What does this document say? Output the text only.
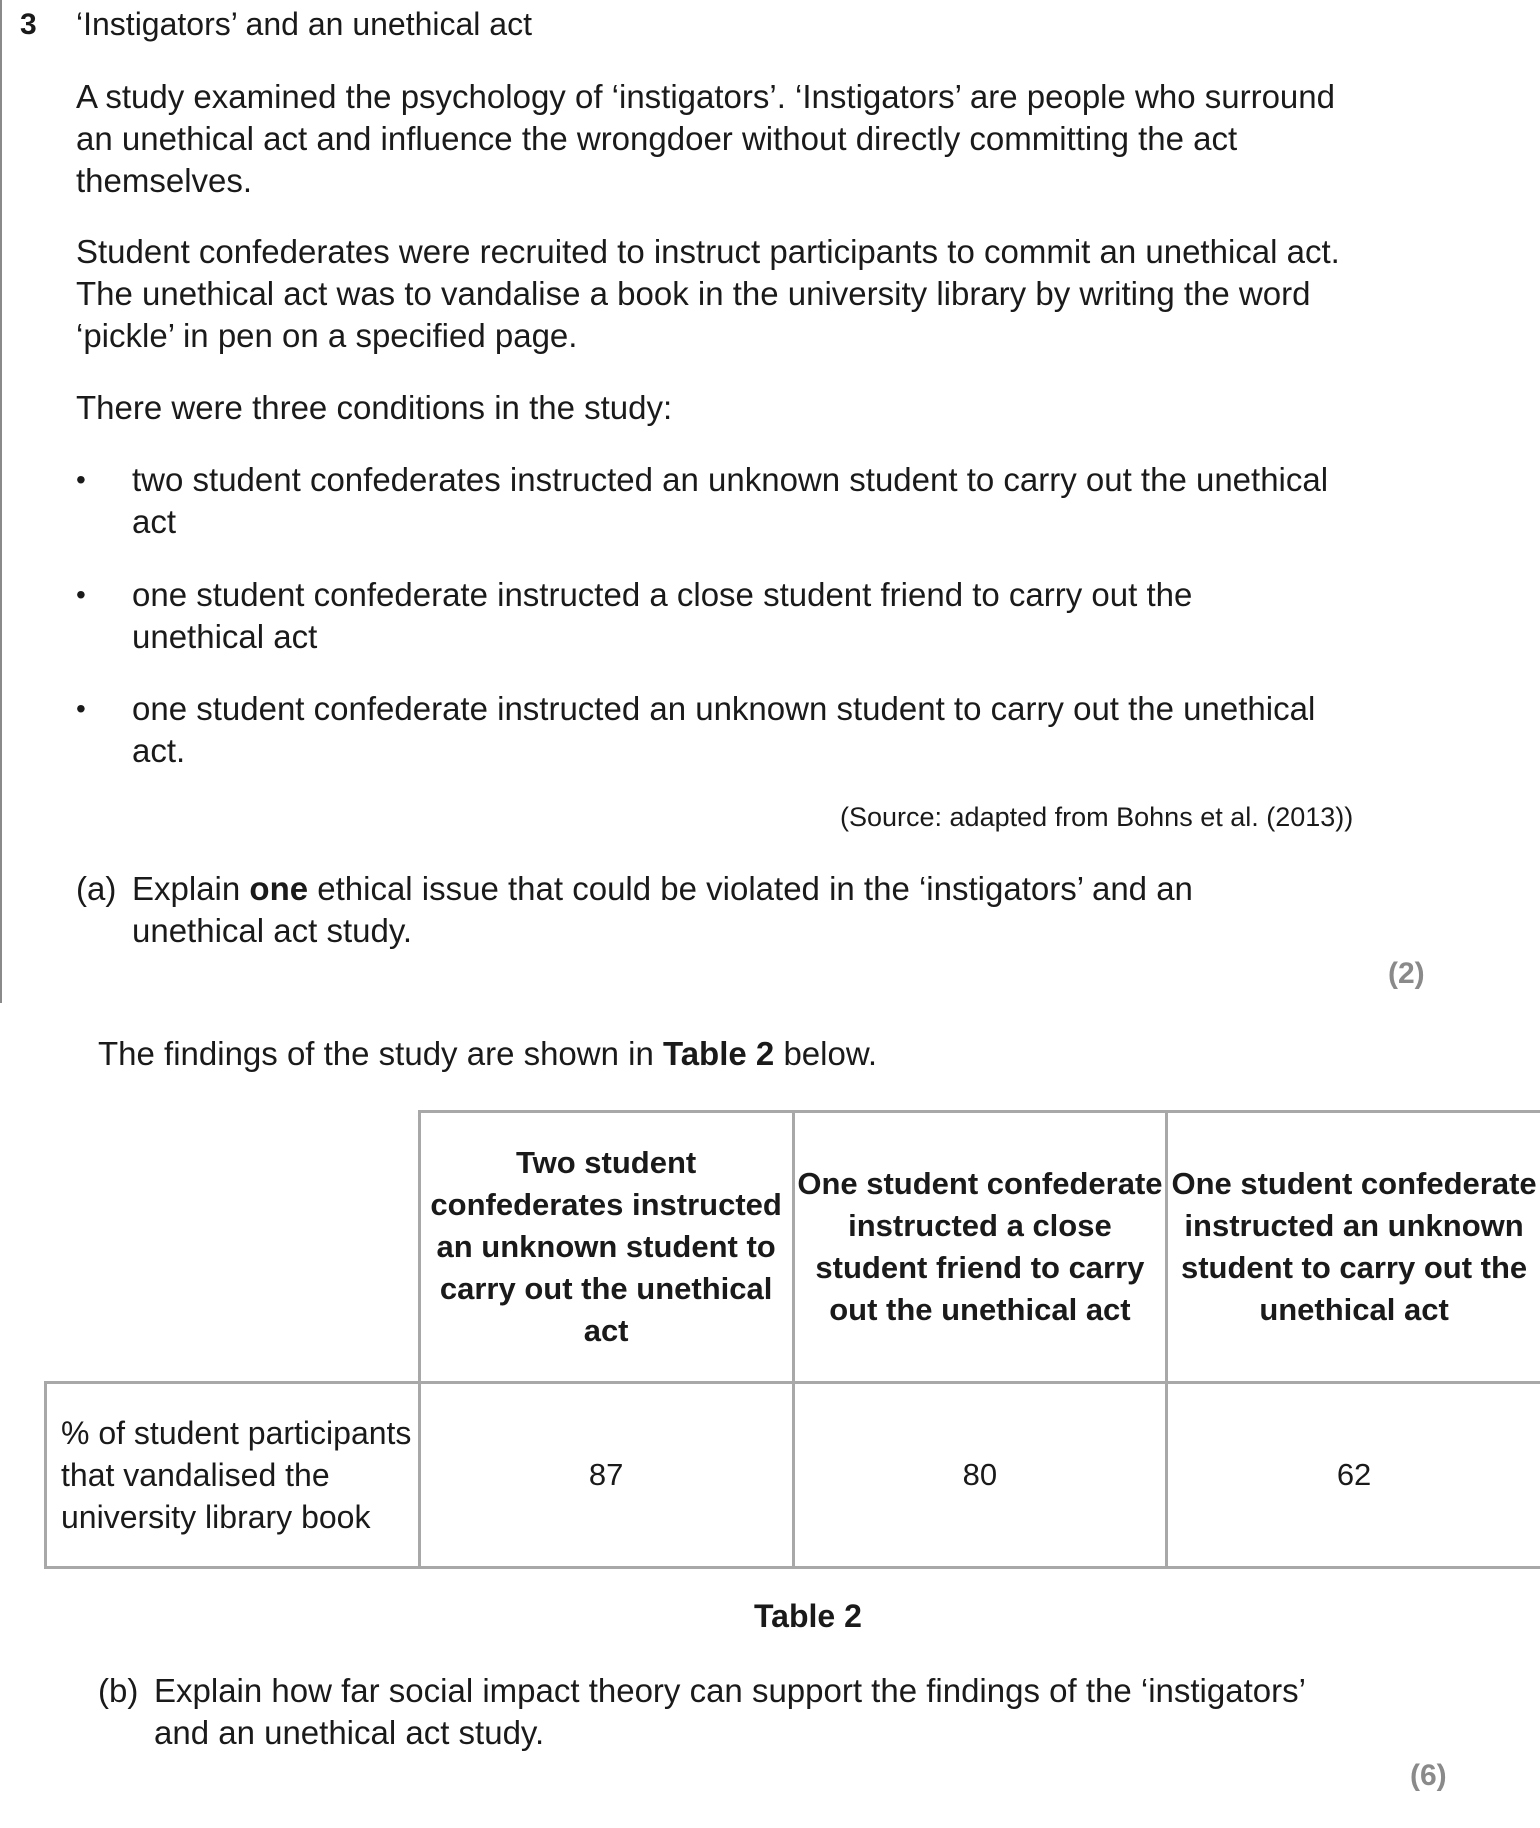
3 ‘Instigators’ and an unethical act

A study examined the psychology of ‘instigators’. ‘Instigators’ are people who surround an unethical act and influence the wrongdoer without directly committing the act themselves.

Student confederates were recruited to instruct participants to commit an unethical act. The unethical act was to vandalise a book in the university library by writing the word ‘pickle’ in pen on a specified page.

There were three conditions in the study:

• two student confederates instructed an unknown student to carry out the unethical act
• one student confederate instructed a close student friend to carry out the unethical act
• one student confederate instructed an unknown student to carry out the unethical act.
(Source: adapted from Bohns et al. (2013))
(a) Explain one ethical issue that could be violated in the ‘instigators’ and an unethical act study.
(2)
The findings of the study are shown in Table 2 below.
	Two student confederates instructed an unknown student to carry out the unethical act	One student confederate instructed a close student friend to carry out the unethical act	One student confederate instructed an unknown student to carry out the unethical act
% of student participants that vandalised the university library book	87	80	62
Table 2
(b) Explain how far social impact theory can support the findings of the ‘instigators’ and an unethical act study.
(6)
